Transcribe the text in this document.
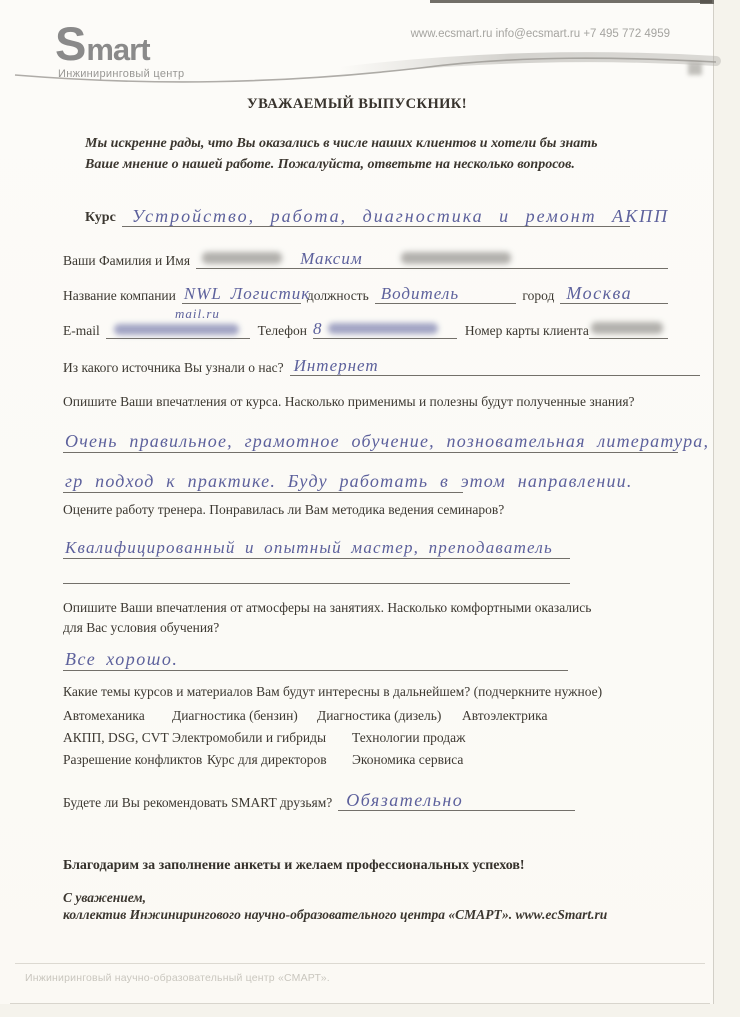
Smart
Инжиниринговый центр
www.ecsmart.ru info@ecsmart.ru +7 495 772 4959
УВАЖАЕМЫЙ ВЫПУСКНИК!
Мы искренне рады, что Вы оказались в числе наших клиентов и хотели бы знать
Ваше мнение о нашей работе. Пожалуйста, ответьте на несколько вопросов.
Курс Устройство, работа, диагностика и ремонт АКПП
Ваши Фамилия и Имя	Максим
Название компании NWL Логистик
должность Водитель	город Москва
mail.ru
E-mail	Телефон 8	Номер карты клиента
Из какого источника Вы узнали о нас? Интернет
Опишите Ваши впечатления от курса. Насколько применимы и полезны будут полученные знания?
Очень правильное, грамотное обучение, позновательная литература,
гр подход к практике. Буду работать в этом направлении.
Оцените работу тренера. Понравилась ли Вам методика ведения семинаров?
Квалифицированный и опытный мастер, преподаватель
Опишите Ваши впечатления от атмосферы на занятиях. Насколько комфортными оказались
для Вас условия обучения?
Все хорошо.
Какие темы курсов и материалов Вам будут интересны в дальнейшем? (подчеркните нужное)
Автомеханика Диагностика (бензин) Диагностика (дизель) Автоэлектрика
АКПП, DSG, CVT Электромобили и гибриды Технологии продаж
Разрешение конфликтов Курс для директоров Экономика сервиса
Будете ли Вы рекомендовать SMART друзьям? Обязательно
Благодарим за заполнение анкеты и желаем профессиональных успехов!
С уважением,
коллектив Инжинирингового научно-образовательного центра «СМАРТ». www.ecSmart.ru
Инжиниринговый научно-образовательный центр «СМАРТ».
